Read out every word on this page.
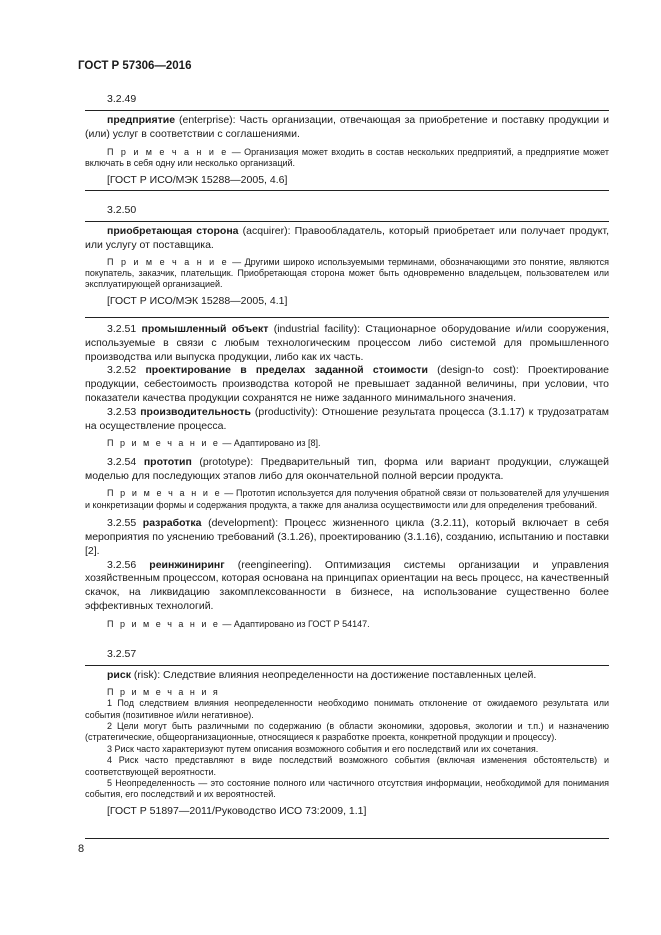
ГОСТ Р 57306—2016
3.2.49

предприятие (enterprise): Часть организации, отвечающая за приобретение и поставку продукции и (или) услуг в соответствии с соглашениями.

П р и м е ч а н и е — Организация может входить в состав нескольких предприятий, а предприятие может включать в себя одну или несколько организаций.

[ГОСТ Р ИСО/МЭК 15288—2005, 4.6]

3.2.50

приобретающая сторона (acquirer): Правообладатель, который приобретает или получает продукт, или услугу от поставщика.

П р и м е ч а н и е — Другими широко используемыми терминами, обозначающими это понятие, являются покупатель, заказчик, плательщик. Приобретающая сторона может быть одновременно владельцем, пользователем или эксплуатирующей организацией.

[ГОСТ Р ИСО/МЭК 15288—2005, 4.1]

3.2.51 промышленный объект (industrial facility): Стационарное оборудование и/или сооружения, используемые в связи с любым технологическим процессом либо системой для промышленного производства или выпуска продукции, либо как их часть.

3.2.52 проектирование в пределах заданной стоимости (design-to cost): Проектирование продукции, себестоимость производства которой не превышает заданной величины, при условии, что показатели качества продукции сохранятся не ниже заданного минимального значения.

3.2.53 производительность (productivity): Отношение результата процесса (3.1.17) к трудозатратам на осуществление процесса.

П р и м е ч а н и е — Адаптировано из [8].

3.2.54 прототип (prototype): Предварительный тип, форма или вариант продукции, служащей моделью для последующих этапов либо для окончательной полной версии продукта.

П р и м е ч а н и е — Прототип используется для получения обратной связи от пользователей для улучшения и конкретизации формы и содержания продукта, а также для анализа осуществимости или для определения требований.

3.2.55 разработка (development): Процесс жизненного цикла (3.2.11), который включает в себя мероприятия по уяснению требований (3.1.26), проектированию (3.1.16), созданию, испытанию и поставки [2].

3.2.56 реинжиниринг (reengineering). Оптимизация системы организации и управления хозяйственным процессом, которая основана на принципах ориентации на весь процесс, на качественный скачок, на ликвидацию закомплексованности в бизнесе, на использование существенно более эффективных технологий.

П р и м е ч а н и е — Адаптировано из ГОСТ Р 54147.

3.2.57

риск (risk): Следствие влияния неопределенности на достижение поставленных целей.

П р и м е ч а н и я

1 Под следствием влияния неопределенности необходимо понимать отклонение от ожидаемого результата или события (позитивное и/или негативное).

2 Цели могут быть различными по содержанию (в области экономики, здоровья, экологии и т.п.) и назначению (стратегические, общеорганизационные, относящиеся к разработке проекта, конкретной продукции и процессу).

3 Риск часто характеризуют путем описания возможного события и его последствий или их сочетания.

4 Риск часто представляют в виде последствий возможного события (включая изменения обстоятельств) и соответствующей вероятности.

5 Неопределенность — это состояние полного или частичного отсутствия информации, необходимой для понимания события, его последствий и их вероятностей.

[ГОСТ Р 51897—2011/Руководство ИСО 73:2009, 1.1]

8
